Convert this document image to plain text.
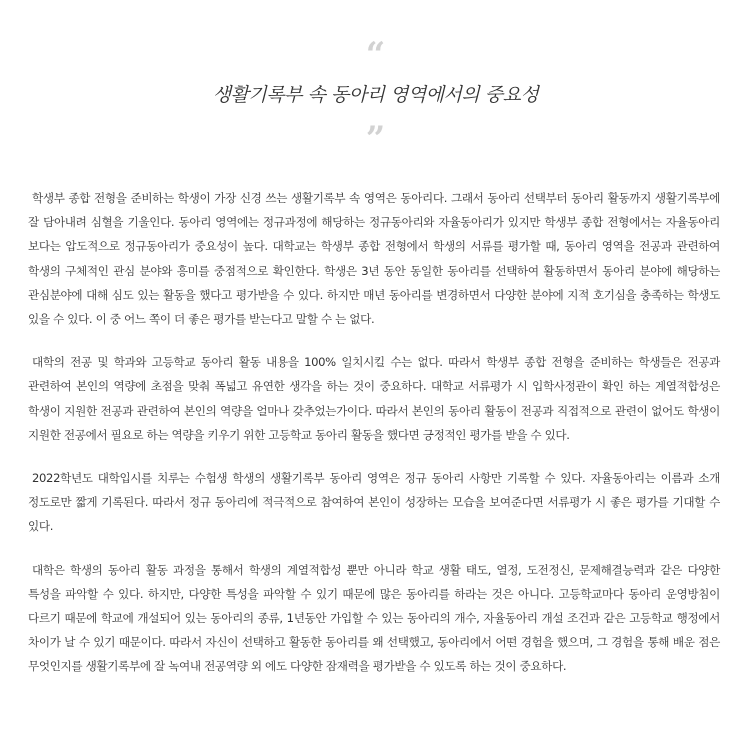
“
생활기록부 속 동아리 영역에서의 중요성
”

학생부 종합 전형을 준비하는 학생이 가장 신경 쓰는 생활기록부 속 영역은 동아리다. 그래서 동아리 선택부터 동아리 활동까지 생활기록부에 잘 담아내려 심혈을 기울인다. 동아리 영역에는 정규과정에 해당하는 정규동아리와 자율동아리가 있지만 학생부 종합 전형에서는 자율동아리 보다는 압도적으로 정규동아리가 중요성이 높다. 대학교는 학생부 종합 전형에서 학생의 서류를 평가할 때, 동아리 영역을 전공과 관련하여 학생의 구체적인 관심 분야와 흥미를 중점적으로 확인한다. 학생은 3년 동안 동일한 동아리를 선택하여 활동하면서 동아리 분야에 해당하는 관심분야에 대해 심도 있는 활동을 했다고 평가받을 수 있다. 하지만 매년 동아리를 변경하면서 다양한 분야에 지적 호기심을 충족하는 학생도 있을 수 있다. 이 중 어느 쪽이 더 좋은 평가를 받는다고 말할 수 는 없다.

대학의 전공 및 학과와 고등학교 동아리 활동 내용을 100% 일치시킬 수는 없다. 따라서 학생부 종합 전형을 준비하는 학생들은 전공과 관련하여 본인의 역량에 초점을 맞춰 폭넓고 유연한 생각을 하는 것이 중요하다. 대학교 서류평가 시 입학사정관이 확인 하는 계열적합성은 학생이 지원한 전공과 관련하여 본인의 역량을 얼마나 갖추었는가이다. 따라서 본인의 동아리 활동이 전공과 직접적으로 관련이 없어도 학생이 지원한 전공에서 필요로 하는 역량을 키우기 위한 고등학교 동아리 활동을 했다면 긍정적인 평가를 받을 수 있다.

2022학년도 대학입시를 치루는 수험생 학생의 생활기록부 동아리 영역은 정규 동아리 사항만 기록할 수 있다. 자율동아리는 이름과 소개 정도로만 짧게 기록된다. 따라서 정규 동아리에 적극적으로 참여하여 본인이 성장하는 모습을 보여준다면 서류평가 시 좋은 평가를 기대할 수 있다.

대학은 학생의 동아리 활동 과정을 통해서 학생의 계열적합성 뿐만 아니라 학교 생활 태도, 열정, 도전정신, 문제해결능력과 같은 다양한 특성을 파악할 수 있다. 하지만, 다양한 특성을 파악할 수 있기 때문에 많은 동아리를 하라는 것은 아니다. 고등학교마다 동아리 운영방침이 다르기 때문에 학교에 개설되어 있는 동아리의 종류, 1년동안 가입할 수 있는 동아리의 개수, 자율동아리 개설 조건과 같은 고등학교 행정에서 차이가 날 수 있기 때문이다. 따라서 자신이 선택하고 활동한 동아리를 왜 선택했고, 동아리에서 어떤 경험을 했으며, 그 경험을 통해 배운 점은 무엇인지를 생활기록부에 잘 녹여내 전공역량 외 에도 다양한 잠재력을 평가받을 수 있도록 하는 것이 중요하다.
